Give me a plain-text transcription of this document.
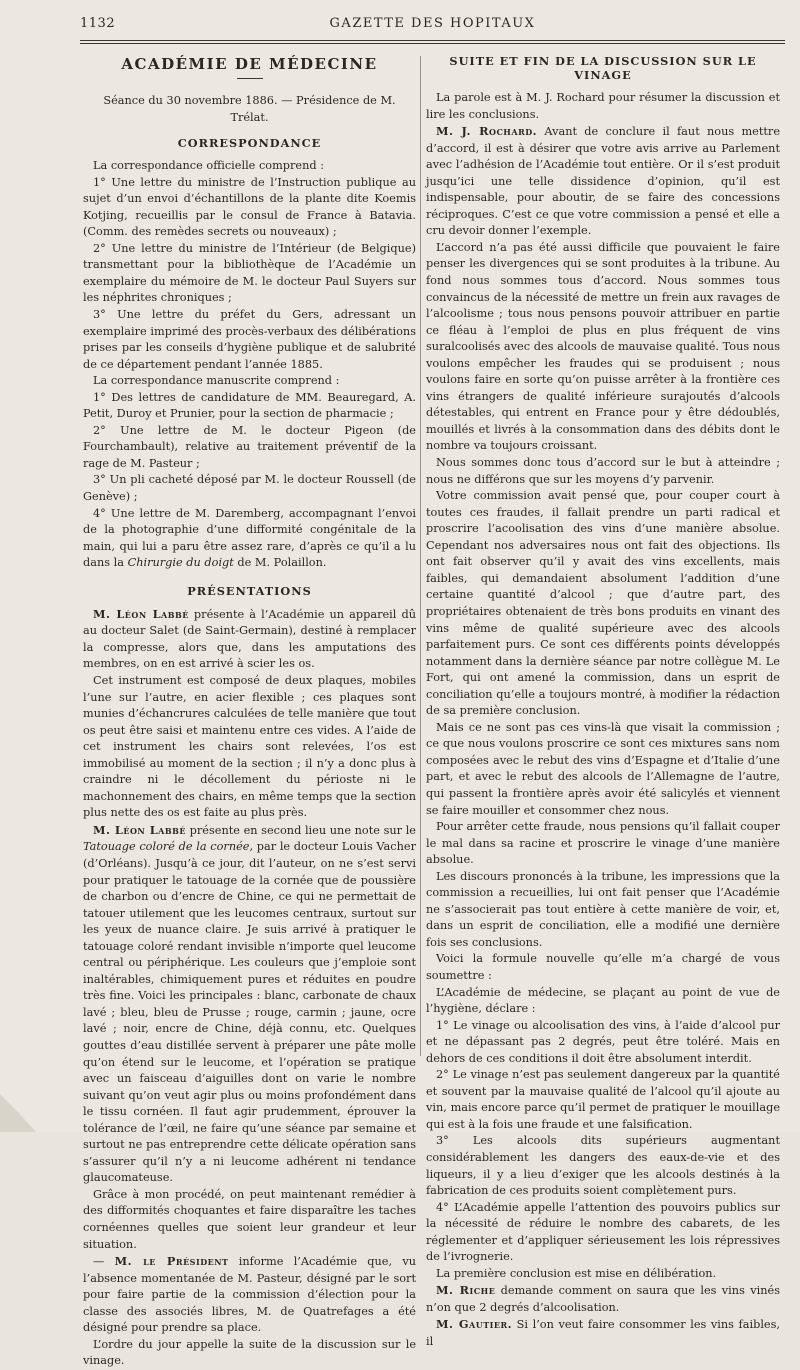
1132	GAZETTE DES HOPITAUX
ACADÉMIE DE MÉDECINE

Séance du 30 novembre 1886. — Présidence de M. Trélat.

CORRESPONDANCE

La correspondance officielle comprend :

1° Une lettre du ministre de l’Instruction publique au sujet d’un envoi d’échantillons de la plante dite Koemis Kotjing, recueillis par le consul de France à Batavia. (Comm. des remèdes secrets ou nouveaux) ;

2° Une lettre du ministre de l’Intérieur (de Belgique) transmettant pour la bibliothèque de l’Académie un exemplaire du mémoire de M. le docteur Paul Suyers sur les néphrites chroniques ;

3° Une lettre du préfet du Gers, adressant un exemplaire imprimé des procès-verbaux des délibérations prises par les conseils d’hygiène publique et de salubrité de ce département pendant l’année 1885.

La correspondance manuscrite comprend :

1° Des lettres de candidature de MM. Beauregard, A. Petit, Duroy et Prunier, pour la section de pharmacie ;

2° Une lettre de M. le docteur Pigeon (de Fourchambault), relative au traitement préventif de la rage de M. Pasteur ;

3° Un pli cacheté déposé par M. le docteur Roussell (de Genève) ;

4° Une lettre de M. Daremberg, accompagnant l’envoi de la photographie d’une difformité congénitale de la main, qui lui a paru être assez rare, d’après ce qu’il a lu dans la Chirurgie du doigt de M. Polaillon.

PRÉSENTATIONS

M. Léon Labbé présente à l’Académie un appareil dû au docteur Salet (de Saint-Germain), destiné à remplacer la compresse, alors que, dans les amputations des membres, on en est arrivé à scier les os.

Cet instrument est composé de deux plaques, mobiles l’une sur l’autre, en acier flexible ; ces plaques sont munies d’échancrures calculées de telle manière que tout os peut être saisi et maintenu entre ces vides. A l’aide de cet instrument les chairs sont relevées, l’os est immobilisé au moment de la section ; il n’y a donc plus à craindre ni le décollement du périoste ni le machonnement des chairs, en même temps que la section plus nette des os est faite au plus près.

M. Léon Labbé présente en second lieu une note sur le Tatouage coloré de la cornée, par le docteur Louis Vacher (d’Orléans). Jusqu’à ce jour, dit l’auteur, on ne s’est servi pour pratiquer le tatouage de la cornée que de poussière de charbon ou d’encre de Chine, ce qui ne permettait de tatouer utilement que les leucomes centraux, surtout sur les yeux de nuance claire. Je suis arrivé à pratiquer le tatouage coloré rendant invisible n’importe quel leucome central ou périphérique. Les couleurs que j’emploie sont inaltérables, chimiquement pures et réduites en poudre très fine. Voici les principales : blanc, carbonate de chaux lavé ; bleu, bleu de Prusse ; rouge, carmin ; jaune, ocre lavé ; noir, encre de Chine, déjà connu, etc. Quelques gouttes d’eau distillée servent à préparer une pâte molle qu’on étend sur le leucome, et l’opération se pratique avec un faisceau d’aiguilles dont on varie le nombre suivant qu’on veut agir plus ou moins profondément dans le tissu cornéen. Il faut agir prudemment, éprouver la tolérance de l’œil, ne faire qu’une séance par semaine et surtout ne pas entreprendre cette délicate opération sans s’assurer qu’il n’y a ni leucome adhérent ni tendance glaucomateuse.

Grâce à mon procédé, on peut maintenant remédier à des difformités choquantes et faire disparaître les taches cornéennes quelles que soient leur grandeur et leur situation.

— M. le Président informe l’Académie que, vu l’absence momentanée de M. Pasteur, désigné par le sort pour faire partie de la commission d’élection pour la classe des associés libres, M. de Quatrefages a été désigné pour prendre sa place.

L’ordre du jour appelle la suite de la discussion sur le vinage.

SUITE ET FIN DE LA DISCUSSION SUR LE VINAGE

La parole est à M. J. Rochard pour résumer la discussion et lire les conclusions.

M. J. Rochard. Avant de conclure il faut nous mettre d’accord, il est à désirer que votre avis arrive au Parlement avec l’adhésion de l’Académie tout entière. Or il s’est produit jusqu’ici une telle dissidence d’opinion, qu’il est indispensable, pour aboutir, de se faire des concessions réciproques. C’est ce que votre commission a pensé et elle a cru devoir donner l’exemple.

L’accord n’a pas été aussi difficile que pouvaient le faire penser les divergences qui se sont produites à la tribune. Au fond nous sommes tous d’accord. Nous sommes tous convaincus de la nécessité de mettre un frein aux ravages de l’alcoolisme ; tous nous pensons pouvoir attribuer en partie ce fléau à l’emploi de plus en plus fréquent de vins suralcoolisés avec des alcools de mauvaise qualité. Tous nous voulons empêcher les fraudes qui se produisent ; nous voulons faire en sorte qu’on puisse arrêter à la frontière ces vins étrangers de qualité inférieure surajoutés d’alcools détestables, qui entrent en France pour y être dédoublés, mouillés et livrés à la consommation dans des débits dont le nombre va toujours croissant.

Nous sommes donc tous d’accord sur le but à atteindre ; nous ne différons que sur les moyens d’y parvenir.

Votre commission avait pensé que, pour couper court à toutes ces fraudes, il fallait prendre un parti radical et proscrire l’acoolisation des vins d’une manière absolue. Cependant nos adversaires nous ont fait des objections. Ils ont fait observer qu’il y avait des vins excellents, mais faibles, qui demandaient absolument l’addition d’une certaine quantité d’alcool ; que d’autre part, des propriétaires obtenaient de très bons produits en vinant des vins même de qualité supérieure avec des alcools parfaitement purs. Ce sont ces différents points développés notamment dans la dernière séance par notre collègue M. Le Fort, qui ont amené la commission, dans un esprit de conciliation qu’elle a toujours montré, à modifier la rédaction de sa première conclusion.

Mais ce ne sont pas ces vins-là que visait la commission ; ce que nous voulons proscrire ce sont ces mixtures sans nom composées avec le rebut des vins d’Espagne et d’Italie d’une part, et avec le rebut des alcools de l’Allemagne de l’autre, qui passent la frontière après avoir été salicylés et viennent se faire mouiller et consommer chez nous.

Pour arrêter cette fraude, nous pensions qu’il fallait couper le mal dans sa racine et proscrire le vinage d’une manière absolue.

Les discours prononcés à la tribune, les impressions que la commission a recueillies, lui ont fait penser que l’Académie ne s’associerait pas tout entière à cette manière de voir, et, dans un esprit de conciliation, elle a modifié une dernière fois ses conclusions.

Voici la formule nouvelle qu’elle m’a chargé de vous soumettre :

L’Académie de médecine, se plaçant au point de vue de l’hygiène, déclare :

1° Le vinage ou alcoolisation des vins, à l’aide d’alcool pur et ne dépassant pas 2 degrés, peut être toléré. Mais en dehors de ces conditions il doit être absolument interdit.

2° Le vinage n’est pas seulement dangereux par la quantité et souvent par la mauvaise qualité de l’alcool qu’il ajoute au vin, mais encore parce qu’il permet de pratiquer le mouillage qui est à la fois une fraude et une falsification.

3° Les alcools dits supérieurs augmentant considérablement les dangers des eaux-de-vie et des liqueurs, il y a lieu d’exiger que les alcools destinés à la fabrication de ces produits soient complètement purs.

4° L’Académie appelle l’attention des pouvoirs publics sur la nécessité de réduire le nombre des cabarets, de les réglementer et d’appliquer sérieusement les lois répressives de l’ivrognerie.

La première conclusion est mise en délibération.

M. Riche demande comment on saura que les vins vinés n’on que 2 degrés d’alcoolisation.

M. Gautier. Si l’on veut faire consommer les vins faibles, il
